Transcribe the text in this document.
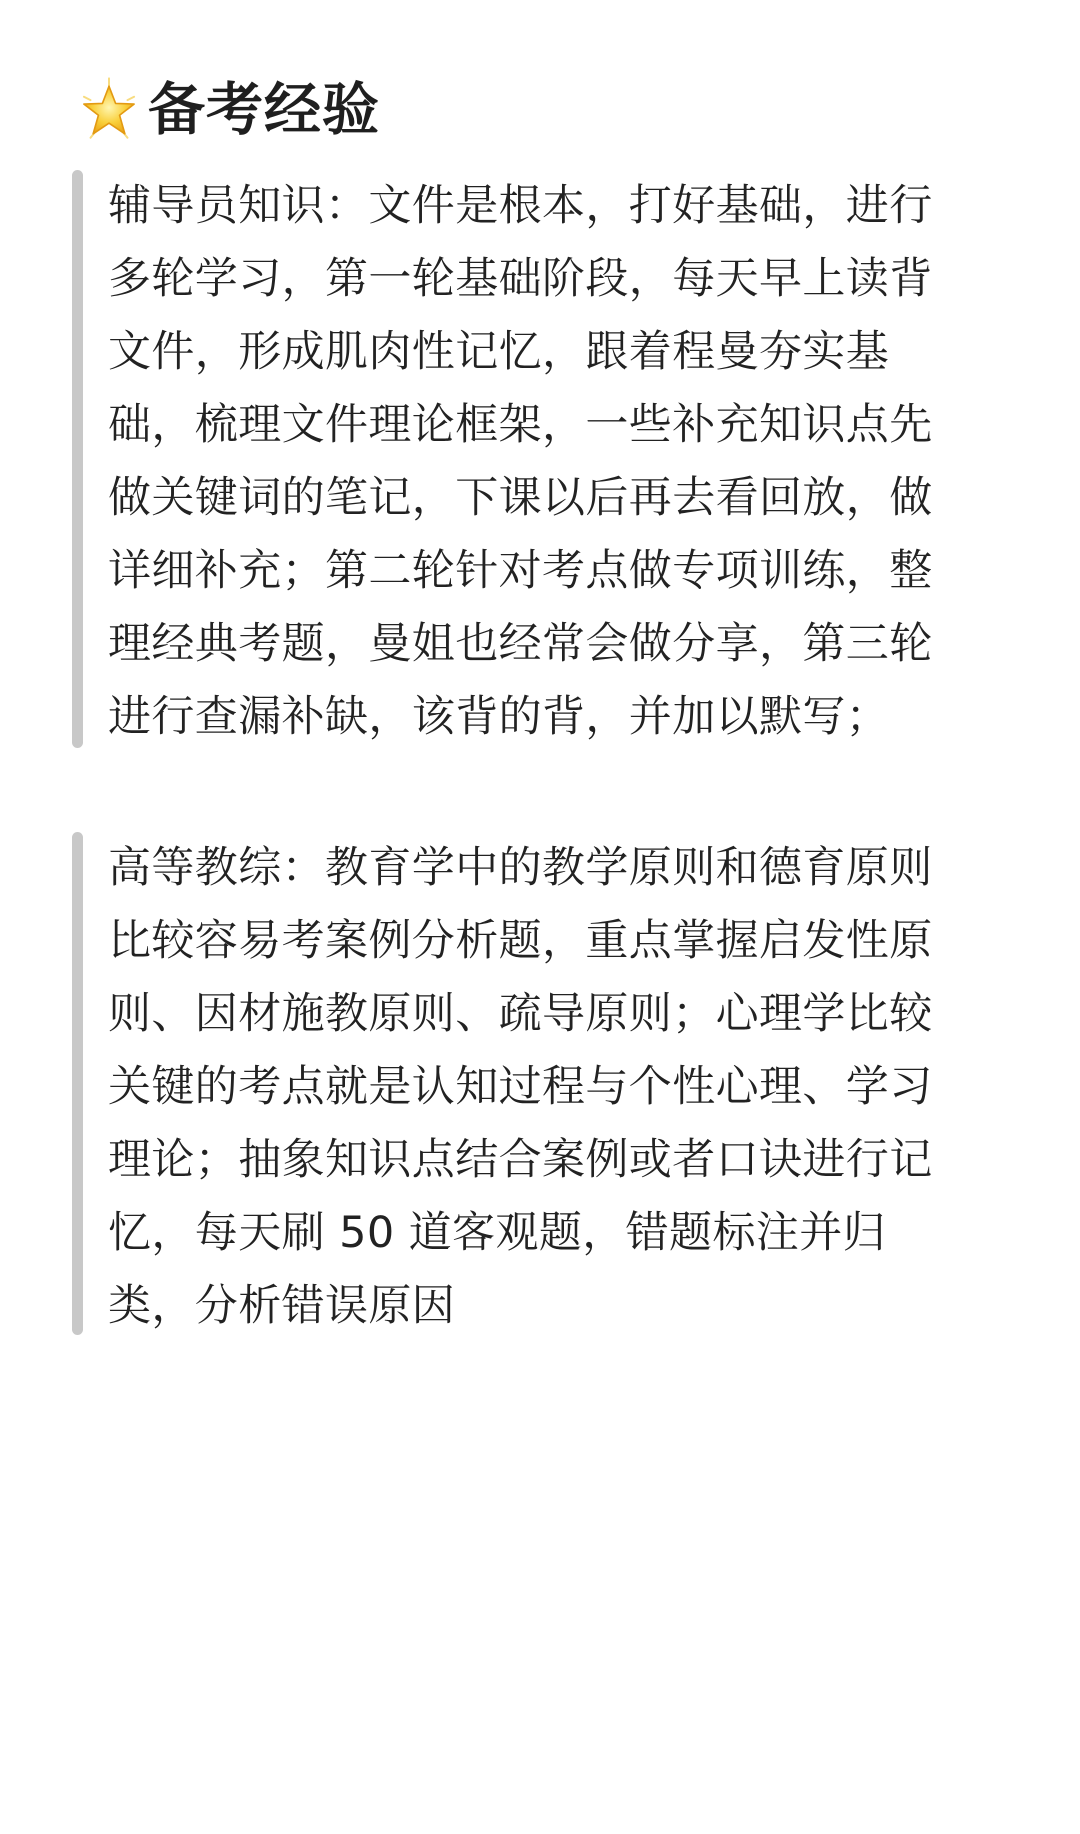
备考经验

辅导员知识：文件是根本，打好基础，进行
多轮学习，第一轮基础阶段，每天早上读背
文件，形成肌肉性记忆，跟着程曼夯实基
础，梳理文件理论框架，一些补充知识点先
做关键词的笔记，下课以后再去看回放，做
详细补充；第二轮针对考点做专项训练，整
理经典考题，曼姐也经常会做分享，第三轮
进行查漏补缺，该背的背，并加以默写；

高等教综：教育学中的教学原则和德育原则
比较容易考案例分析题，重点掌握启发性原
则、因材施教原则、疏导原则；心理学比较
关键的考点就是认知过程与个性心理、学习
理论；抽象知识点结合案例或者口诀进行记
忆，每天刷 50 道客观题，错题标注并归
类，分析错误原因
